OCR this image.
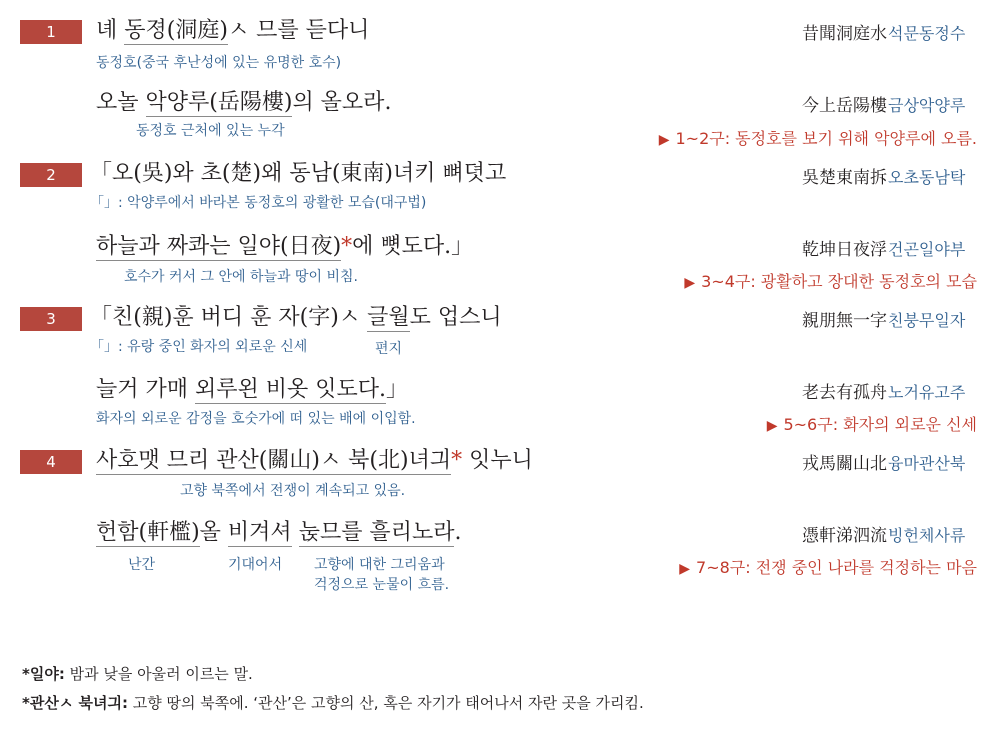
1
2
3
4
녜 동졍(洞庭)ㅅ 므를 듣다니
동정호(중국 후난성에 있는 유명한 호수)
昔聞洞庭水 석문동정수
오놀 악양루(岳陽樓)의 올오라.
동정호 근처에 있는 누각
今上岳陽樓 금상악양루
▶ 1~2구: 동정호를 보기 위해 악양루에 오름.
「오(吳)와 초(楚)왜 동남(東南)녀키 뼈뎟고
「」: 악양루에서 바라본 동정호의 광활한 모습(대구법)
吳楚東南拆 오초동남탁
하늘과 짜콰는 일야(日夜)*에 뼛도다.」
호수가 커서 그 안에 하늘과 땅이 비침.
乾坤日夜浮 건곤일야부
▶ 3~4구: 광활하고 장대한 동정호의 모습
「친(親)훈 버디 훈 자(字)ㅅ 글월도 업스니
「」: 유랑 중인 화자의 외로운 신세	편지
親朋無一字 친붕무일자
늘거 가매 외루왼 비옷 잇도다.」
화자의 외로운 감정을 호숫가에 떠 있는 배에 이입함.
老去有孤舟 노거유고주
▶ 5~6구: 화자의 외로운 신세
사호맷 므리 관산(關山)ㅅ 북(北)녀긔* 잇누니
고향 북쪽에서 전쟁이 계속되고 있음.
戎馬關山北 융마관산북
헌함(軒檻)올 비겨셔 눉므를 흘리노라.
난간	기대어서 고향에 대한 그리움과
걱정으로 눈물이 흐름.
憑軒涕泗流 빙헌체사류
▶ 7~8구: 전쟁 중인 나라를 걱정하는 마음
*일야: 밤과 낮을 아울러 이르는 말.
*관산ㅅ 북녀긔: 고향 땅의 북쪽에. ‘관산’은 고향의 산, 혹은 자기가 태어나서 자란 곳을 가리킴.
